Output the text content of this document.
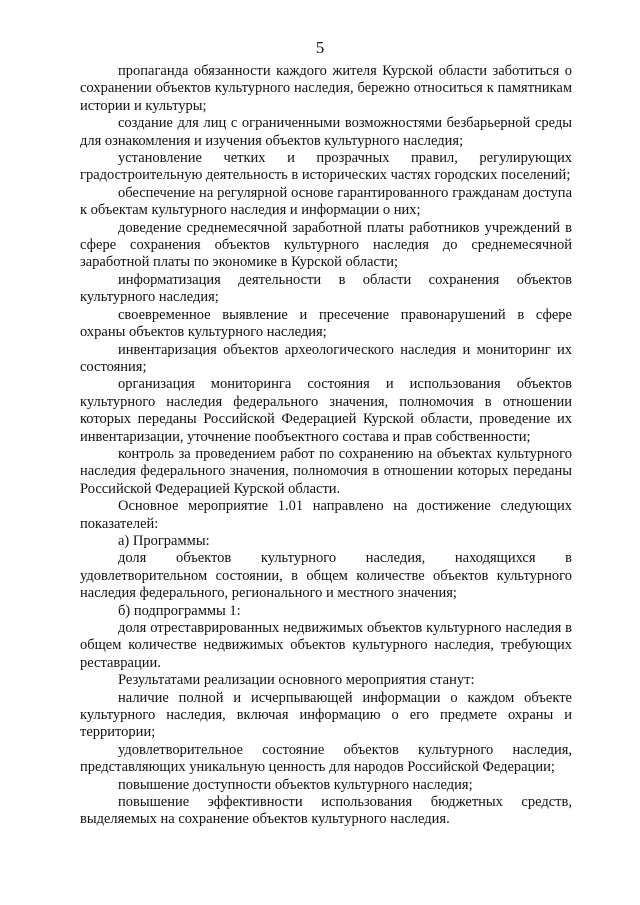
5

пропаганда обязанности каждого жителя Курской области заботиться о сохранении объектов культурного наследия, бережно относиться к памятникам истории и культуры;

создание для лиц с ограниченными возможностями безбарьерной среды для ознакомления и изучения объектов культурного наследия;

установление четких и прозрачных правил, регулирующих градостроительную деятельность в исторических частях городских поселений;

обеспечение на регулярной основе гарантированного гражданам доступа к объектам культурного наследия и информации о них;

доведение среднемесячной заработной платы работников учреждений в сфере сохранения объектов культурного наследия до среднемесячной заработной платы по экономике в Курской области;

информатизация деятельности в области сохранения объектов культурного наследия;

своевременное выявление и пресечение правонарушений в сфере охраны объектов культурного наследия;

инвентаризация объектов археологического наследия и мониторинг их состояния;

организация мониторинга состояния и использования объектов культурного наследия федерального значения, полномочия в отношении которых переданы Российской Федерацией Курской области, проведение их инвентаризации, уточнение пообъектного состава и прав собственности;

контроль за проведением работ по сохранению на объектах культурного наследия федерального значения, полномочия в отношении которых переданы Российской Федерацией Курской области.

Основное мероприятие 1.01 направлено на достижение следующих показателей:

а) Программы:

доля объектов культурного наследия, находящихся в удовлетворительном состоянии, в общем количестве объектов культурного наследия федерального, регионального и местного значения;

б) подпрограммы 1:

доля отреставрированных недвижимых объектов культурного наследия в общем количестве недвижимых объектов культурного наследия, требующих реставрации.

Результатами реализации основного мероприятия станут:

наличие полной и исчерпывающей информации о каждом объекте культурного наследия, включая информацию о его предмете охраны и территории;

удовлетворительное состояние объектов культурного наследия, представляющих уникальную ценность для народов Российской Федерации;

повышение доступности объектов культурного наследия;

повышение эффективности использования бюджетных средств, выделяемых на сохранение объектов культурного наследия.
